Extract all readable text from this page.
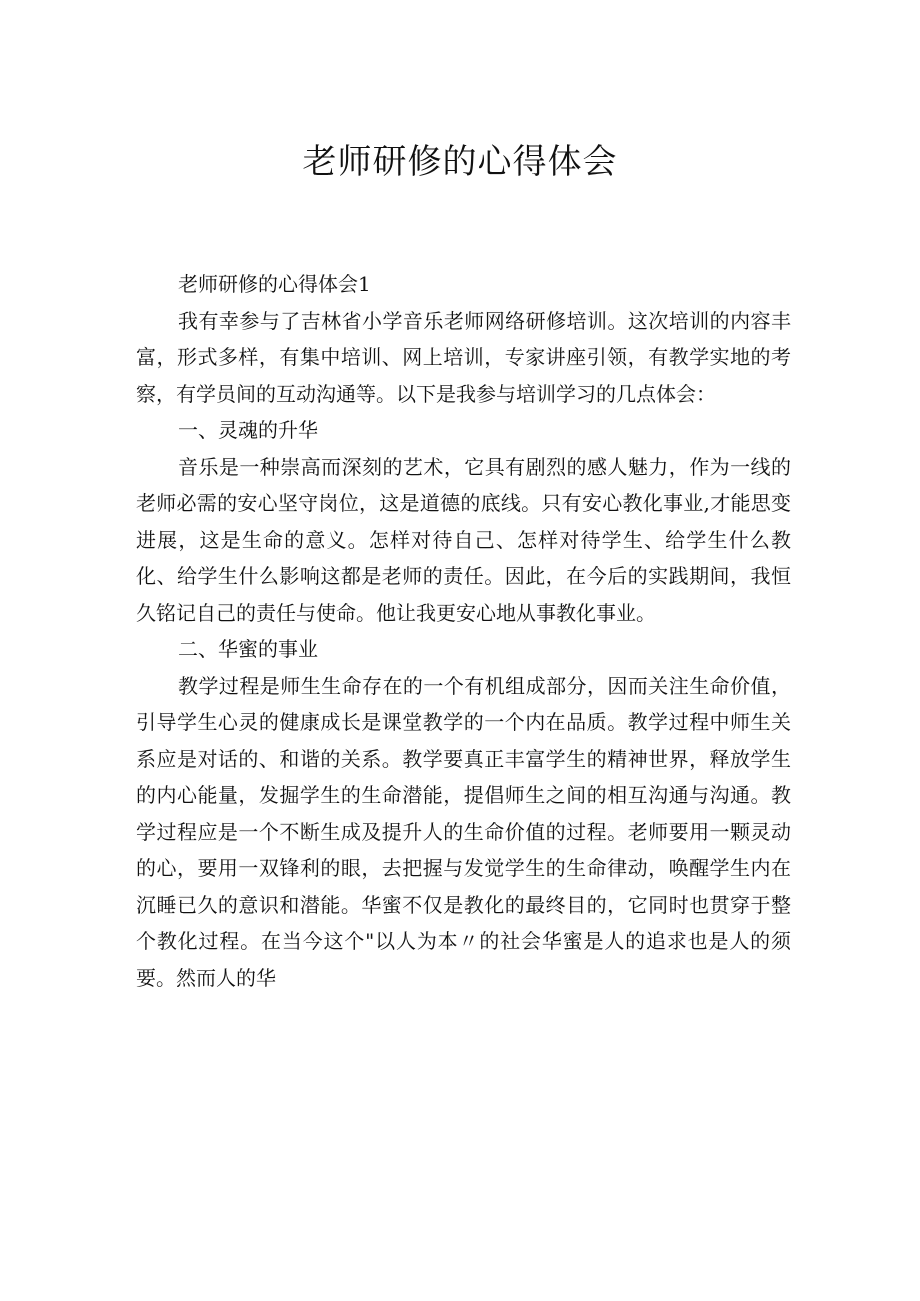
老师研修的心得体会

老师研修的心得体会1

我有幸参与了吉林省小学音乐老师网络研修培训。这次培训的内容丰富，形式多样，有集中培训、网上培训，专家讲座引领，有教学实地的考察，有学员间的互动沟通等。以下是我参与培训学习的几点体会：

一、灵魂的升华

音乐是一种崇高而深刻的艺术，它具有剧烈的感人魅力，作为一线的老师必需的安心坚守岗位，这是道德的底线。只有安心教化事业,才能思变进展，这是生命的意义。怎样对待自己、怎样对待学生、给学生什么教化、给学生什么影响这都是老师的责任。因此，在今后的实践期间，我恒久铭记自己的责任与使命。他让我更安心地从事教化事业。

二、华蜜的事业

教学过程是师生生命存在的一个有机组成部分，因而关注生命价值，引导学生心灵的健康成长是课堂教学的一个内在品质。教学过程中师生关系应是对话的、和谐的关系。教学要真正丰富学生的精神世界，释放学生的内心能量，发掘学生的生命潜能，提倡师生之间的相互沟通与沟通。教学过程应是一个不断生成及提升人的生命价值的过程。老师要用一颗灵动的心，要用一双锋利的眼，去把握与发觉学生的生命律动，唤醒学生内在沉睡已久的意识和潜能。华蜜不仅是教化的最终目的，它同时也贯穿于整个教化过程。在当今这个"以人为本〃的社会华蜜是人的追求也是人的须要。然而人的华
